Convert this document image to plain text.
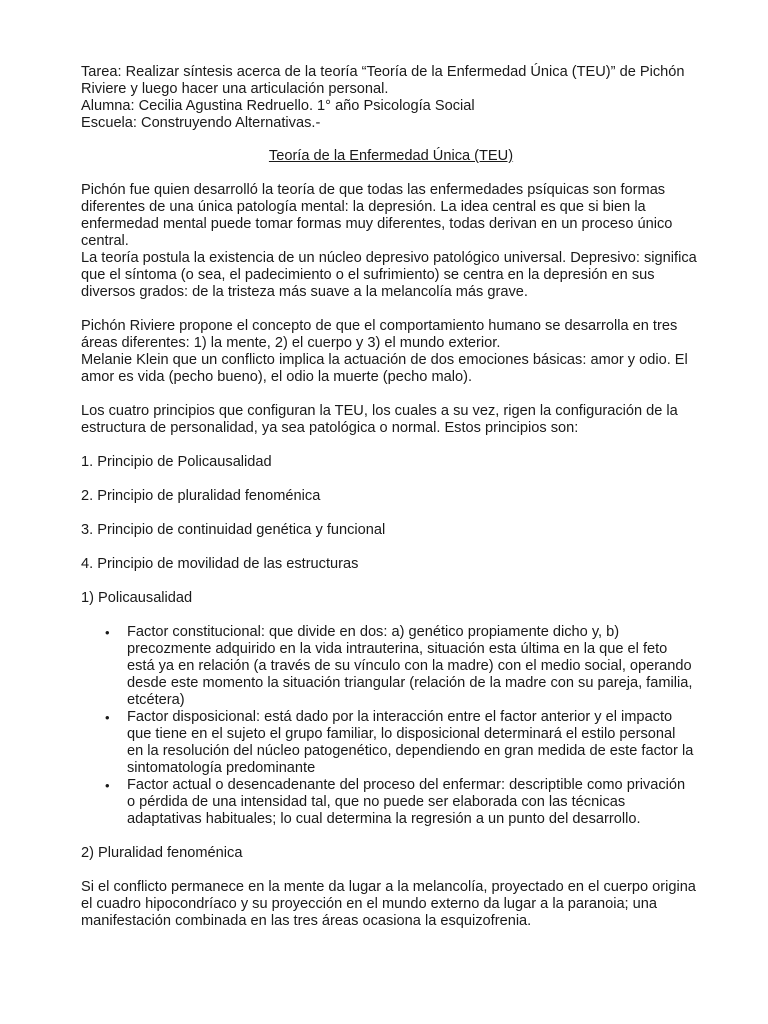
Tarea: Realizar síntesis acerca de la teoría “Teoría de la Enfermedad Única (TEU)” de Pichón Riviere y luego hacer una articulación personal.

Alumna: Cecilia Agustina Redruello. 1° año Psicología Social

Escuela: Construyendo Alternativas.-

Teoría de la Enfermedad Única (TEU)

Pichón fue quien desarrolló la teoría de que todas las enfermedades psíquicas son formas diferentes de una única patología mental: la depresión. La idea central es que si bien la enfermedad mental puede tomar formas muy diferentes, todas derivan en un proceso único central.

La teoría postula la existencia de un núcleo depresivo patológico universal. Depresivo: significa que el síntoma (o sea, el padecimiento o el sufrimiento) se centra en la depresión en sus diversos grados: de la tristeza más suave a la melancolía más grave.

Pichón Riviere propone el concepto de que el comportamiento humano se desarrolla en tres áreas diferentes: 1) la mente, 2) el cuerpo y 3) el mundo exterior.

Melanie Klein que un conflicto implica la actuación de dos emociones básicas: amor y odio. El amor es vida (pecho bueno), el odio la muerte (pecho malo).

Los cuatro principios que configuran la TEU, los cuales a su vez, rigen la configuración de la estructura de personalidad, ya sea patológica o normal. Estos principios son:

1. Principio de Policausalidad

2. Principio de pluralidad fenoménica

3. Principio de continuidad genética y funcional

4. Principio de movilidad de las estructuras

1) Policausalidad

• Factor constitucional: que divide en dos: a) genético propiamente dicho y, b) precozmente adquirido en la vida intrauterina, situación esta última en la que el feto está ya en relación (a través de su vínculo con la madre) con el medio social, operando desde este momento la situación triangular (relación de la madre con su pareja, familia, etcétera)
• Factor disposicional: está dado por la interacción entre el factor anterior y el impacto que tiene en el sujeto el grupo familiar, lo disposicional determinará el estilo personal en la resolución del núcleo patogenético, dependiendo en gran medida de este factor la sintomatología predominante
• Factor actual o desencadenante del proceso del enfermar: descriptible como privación o pérdida de una intensidad tal, que no puede ser elaborada con las técnicas adaptativas habituales; lo cual determina la regresión a un punto del desarrollo.

2) Pluralidad fenoménica

Si el conflicto permanece en la mente da lugar a la melancolía, proyectado en el cuerpo origina el cuadro hipocondríaco y su proyección en el mundo externo da lugar a la paranoia; una manifestación combinada en las tres áreas ocasiona la esquizofrenia.
